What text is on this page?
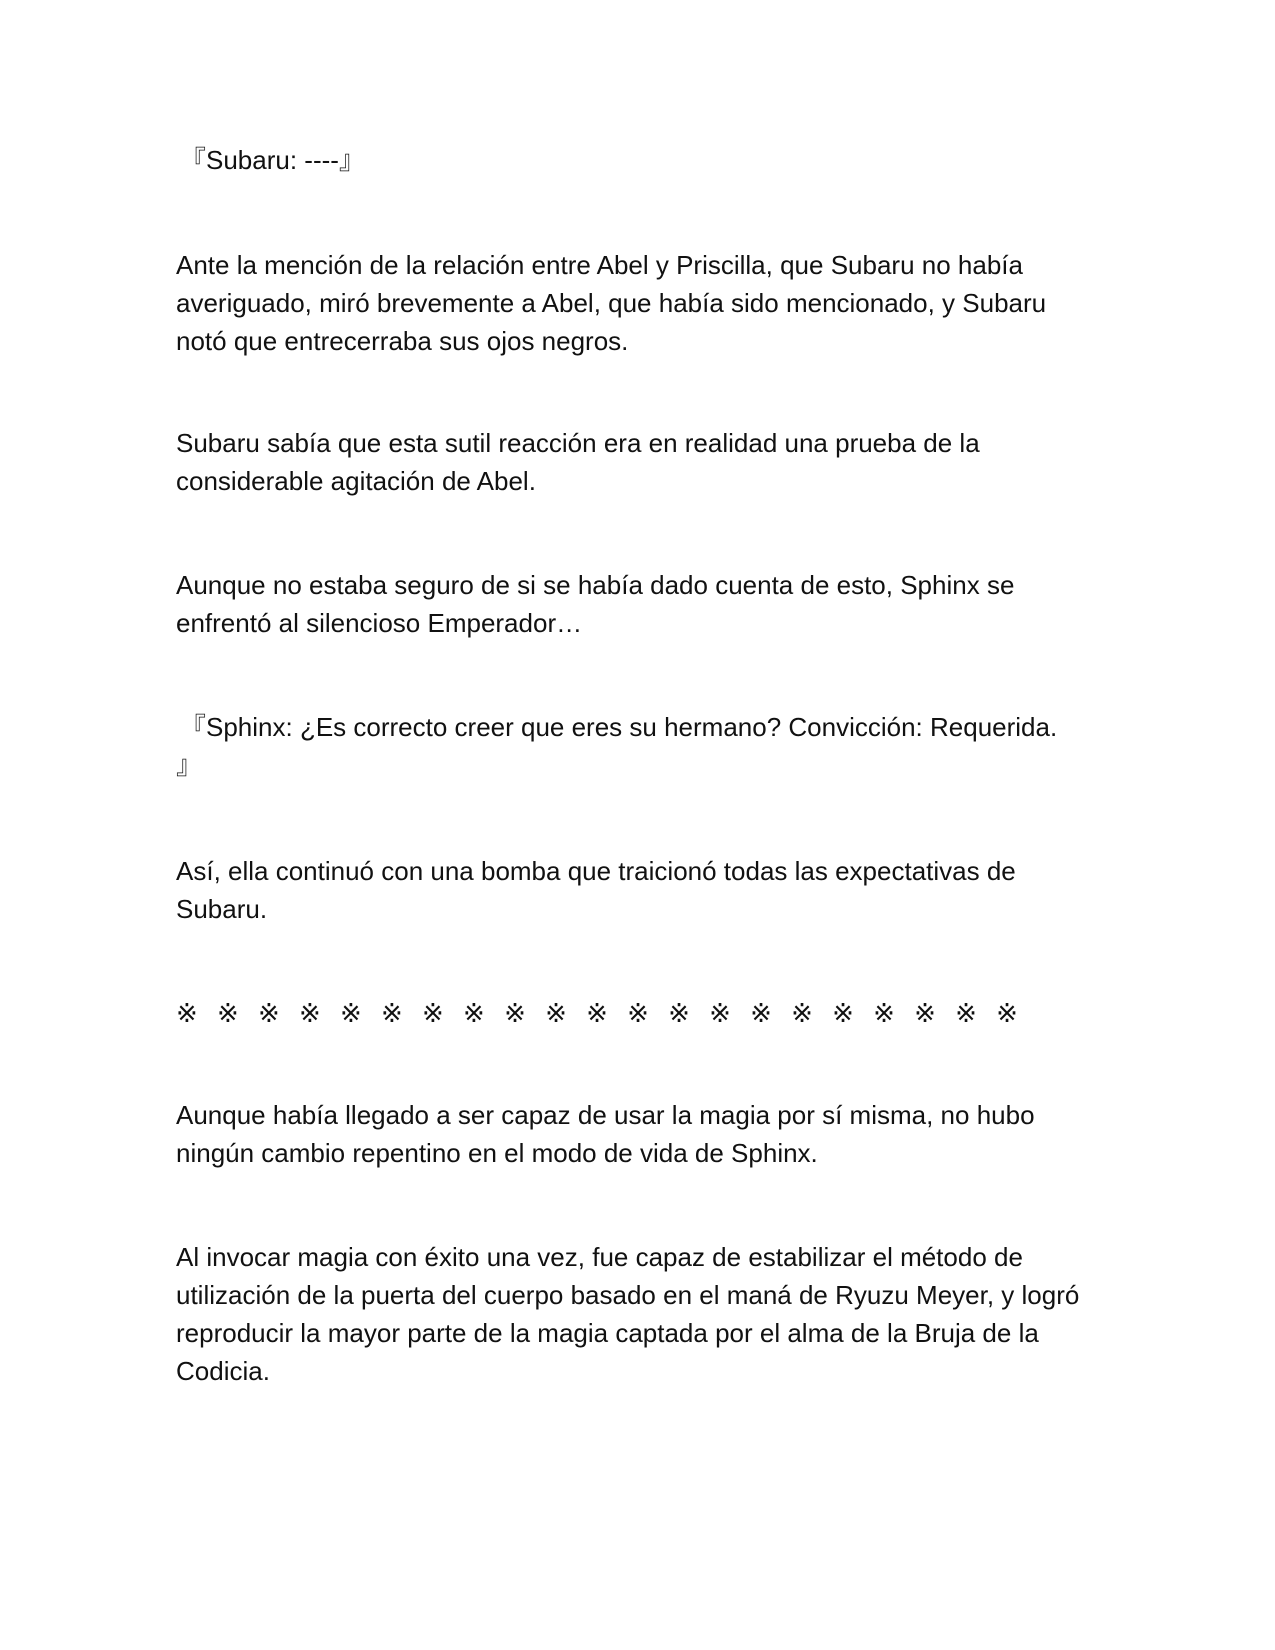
『Subaru: ----』

Ante la mención de la relación entre Abel y Priscilla, que Subaru no había
averiguado, miró brevemente a Abel, que había sido mencionado, y Subaru
notó que entrecerraba sus ojos negros.

Subaru sabía que esta sutil reacción era en realidad una prueba de la
considerable agitación de Abel.

Aunque no estaba seguro de si se había dado cuenta de esto, Sphinx se
enfrentó al silencioso Emperador…

『Sphinx: ¿Es correcto creer que eres su hermano? Convicción: Requerida.
』

Así, ella continuó con una bomba que traicionó todas las expectativas de
Subaru.

※ ※ ※ ※ ※ ※ ※ ※ ※ ※ ※ ※ ※ ※ ※ ※ ※ ※ ※ ※ ※

Aunque había llegado a ser capaz de usar la magia por sí misma, no hubo
ningún cambio repentino en el modo de vida de Sphinx.

Al invocar magia con éxito una vez, fue capaz de estabilizar el método de
utilización de la puerta del cuerpo basado en el maná de Ryuzu Meyer, y logró
reproducir la mayor parte de la magia captada por el alma de la Bruja de la
Codicia.
